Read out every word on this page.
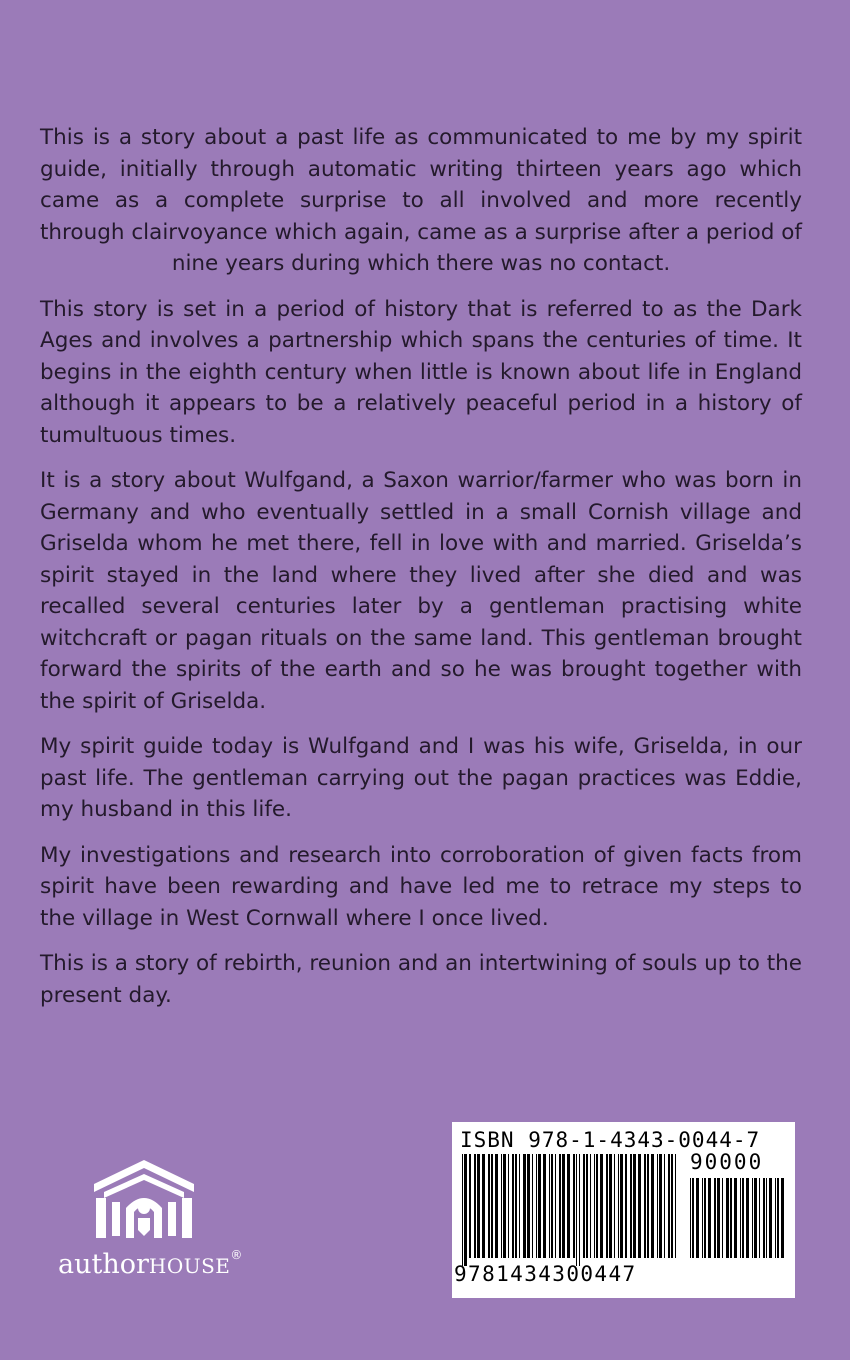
This is a story about a past life as communicated to me by my spirit guide, initially through automatic writing thirteen years ago which came as a complete surprise to all involved and more recently through clairvoyance which again, came as a surprise after a period of nine years during which there was no contact.

This story is set in a period of history that is referred to as the Dark Ages and involves a partnership which spans the centuries of time. It begins in the eighth century when little is known about life in England although it appears to be a relatively peaceful period in a history of tumultuous times.

It is a story about Wulfgand, a Saxon warrior/farmer who was born in Germany and who eventually settled in a small Cornish village and Griselda whom he met there, fell in love with and married. Griselda’s spirit stayed in the land where they lived after she died and was recalled several centuries later by a gentleman practising white witchcraft or pagan rituals on the same land. This gentleman brought forward the spirits of the earth and so he was brought together with the spirit of Griselda.

My spirit guide today is Wulfgand and I was his wife, Griselda, in our past life. The gentleman carrying out the pagan practices was Eddie, my husband in this life.

My investigations and research into corroboration of given facts from spirit have been rewarding and have led me to retrace my steps to the village in West Cornwall where I once lived.

This is a story of rebirth, reunion and an intertwining of souls up to the present day.

authorHOUSE®
ISBN 978-1-4343-0044-7
90000
9781434300447
